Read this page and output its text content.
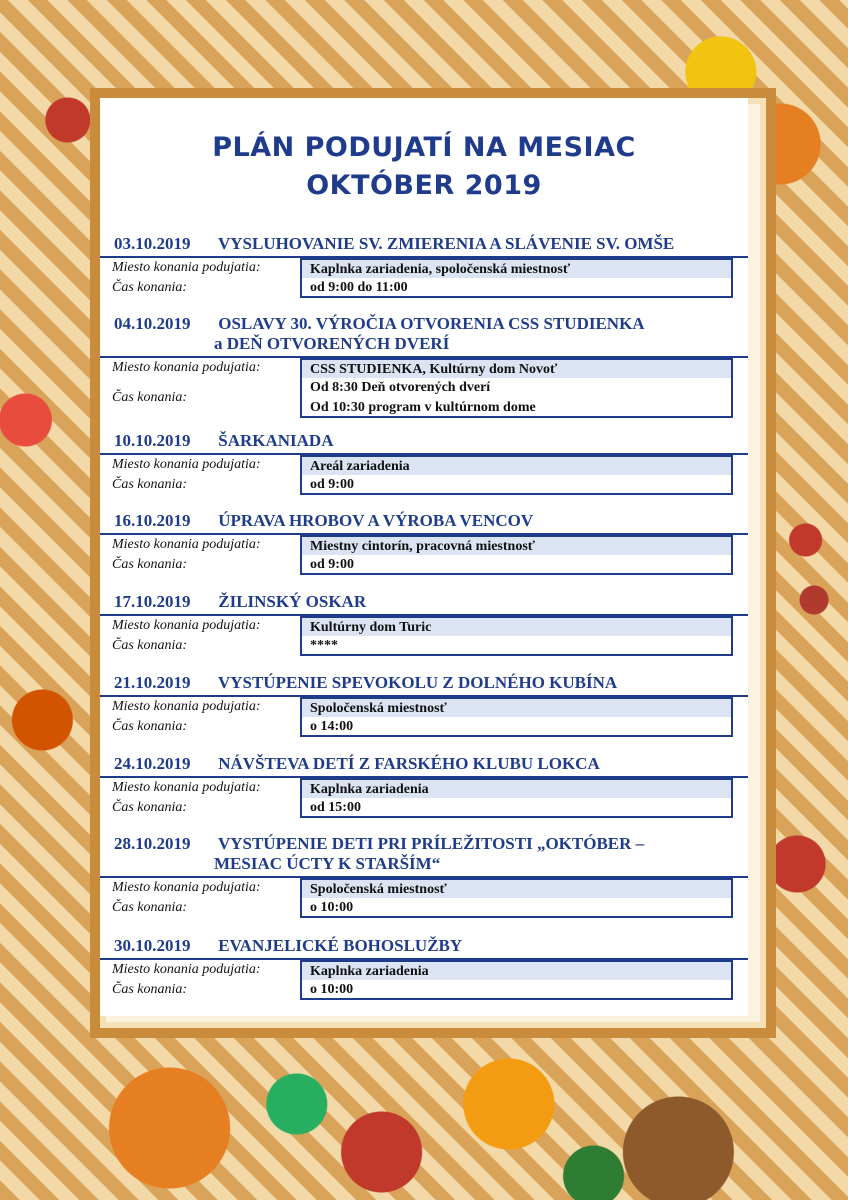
PLÁN PODUJATÍ NA MESIAC
OKTÓBER 2019
03.10.2019 VYSLUHOVANIE SV. ZMIERENIA A SLÁVENIE SV. OMŠE
Miesto konania podujatia:	Kaplnka zariadenia, spoločenská miestnosť
Čas konania:	od 9:00 do 11:00
04.10.2019 OSLAVY 30. VÝROČIA OTVORENIA CSS STUDIENKA
a DEŇ OTVORENÝCH DVERÍ
Miesto konania podujatia:	CSS STUDIENKA, Kultúrny dom Novoť
Čas konania:
Od 8:30 Deň otvorených dverí
Od 10:30 program v kultúrnom dome
10.10.2019 ŠARKANIADA
Miesto konania podujatia:	Areál zariadenia
Čas konania:	od 9:00
16.10.2019 ÚPRAVA HROBOV A VÝROBA VENCOV
Miesto konania podujatia:	Miestny cintorín, pracovná miestnosť
Čas konania:	od 9:00
17.10.2019 ŽILINSKÝ OSKAR
Miesto konania podujatia:	Kultúrny dom Turic
Čas konania:	****
21.10.2019 VYSTÚPENIE SPEVOKOLU Z DOLNÉHO KUBÍNA
Miesto konania podujatia:	Spoločenská miestnosť
Čas konania:	o 14:00
24.10.2019 NÁVŠTEVA DETÍ Z FARSKÉHO KLUBU LOKCA
Miesto konania podujatia:	Kaplnka zariadenia
Čas konania:	od 15:00
28.10.2019 VYSTÚPENIE DETI PRI PRÍLEŽITOSTI „OKTÓBER –
MESIAC ÚCTY K STARŠÍM“
Miesto konania podujatia:	Spoločenská miestnosť
Čas konania:	o 10:00
30.10.2019 EVANJELICKÉ BOHOSLUŽBY
Miesto konania podujatia:	Kaplnka zariadenia
Čas konania:	o 10:00
